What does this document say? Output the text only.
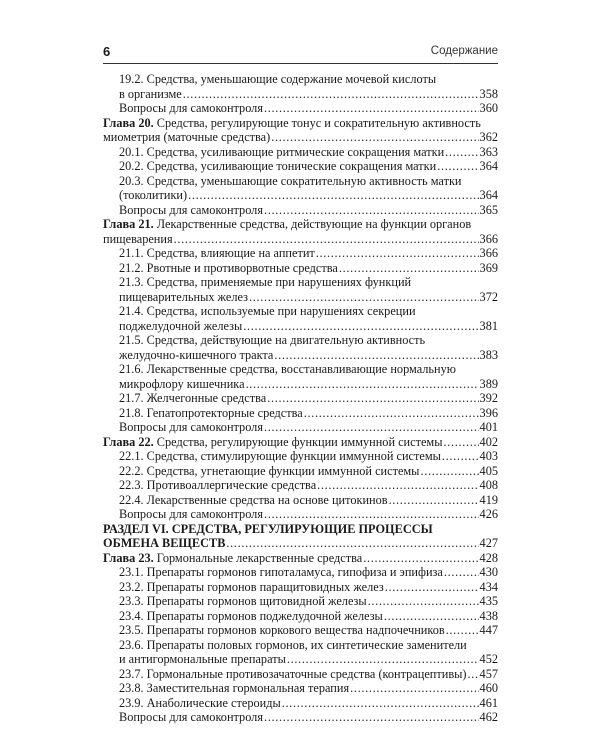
6	Содержание
19.2. Средства, уменьшающие содержание мочевой кислоты
в организме . . .	358
Вопросы для самоконтроля . . .	360
Глава 20. Средства, регулирующие тонус и сократительную активность
миометрия (маточные средства) . . .	362
20.1. Средства, усиливающие ритмические сокращения матки . . .	363
20.2. Средства, усиливающие тонические сокращения матки . . .	364
20.3. Средства, уменьшающие сократительную активность матки
(токолитики) . . .	364
Вопросы для самоконтроля . . .	365
Глава 21. Лекарственные средства, действующие на функции органов
пищеварения . . .	366
21.1. Средства, влияющие на аппетит . . .	366
21.2. Рвотные и противорвотные средства . . .	369
21.3. Средства, применяемые при нарушениях функций
пищеварительных желез . . .	372
21.4. Средства, используемые при нарушениях секреции
поджелудочной железы . . .	381
21.5. Средства, действующие на двигательную активность
желудочно-кишечного тракта . . .	383
21.6. Лекарственные средства, восстанавливающие нормальную
микрофлору кишечника . . .	389
21.7. Желчегонные средства . . .	392
21.8. Гепатопротекторные средства . . .	396
Вопросы для самоконтроля . . .	401
Глава 22. Средства, регулирующие функции иммунной системы . . .	402
22.1. Средства, стимулирующие функции иммунной системы . . .	403
22.2. Средства, угнетающие функции иммунной системы . . .	405
22.3. Противоаллергические средства . . .	408
22.4. Лекарственные средства на основе цитокинов . . .	419
Вопросы для самоконтроля . . .	426
РАЗДЕЛ VI. СРЕДСТВА, РЕГУЛИРУЮЩИЕ ПРОЦЕССЫ
ОБМЕНА ВЕЩЕСТВ . . .	427
Глава 23. Гормональные лекарственные средства . . .	428
23.1. Препараты гормонов гипоталамуса, гипофиза и эпифиза . . .	430
23.2. Препараты гормонов паращитовидных желез . . .	434
23.3. Препараты гормонов щитовидной железы . . .	435
23.4. Препараты гормонов поджелудочной железы . . .	438
23.5. Препараты гормонов коркового вещества надпочечников . . .	447
23.6. Препараты половых гормонов, их синтетические заменители
и антигормональные препараты . . .	452
23.7. Гормональные противозачаточные средства (контрацептивы) . . . 457
23.8. Заместительная гормональная терапия . . .	460
23.9. Анаболические стероиды . . .	461
Вопросы для самоконтроля . . .	462
